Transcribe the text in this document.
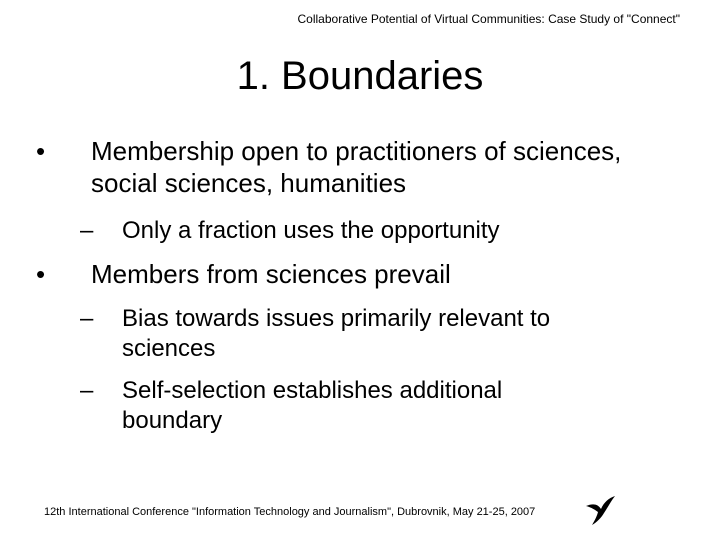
Collaborative Potential of Virtual Communities: Case Study of "Connect"
1. Boundaries
•	Membership open to practitioners of sciences, social sciences, humanities
–	Only a fraction uses the opportunity
•	Members from sciences prevail
–	Bias towards issues primarily relevant to sciences
–	Self-selection establishes additional boundary
12th International Conference "Information Technology and Journalism", Dubrovnik, May 21-25, 2007
